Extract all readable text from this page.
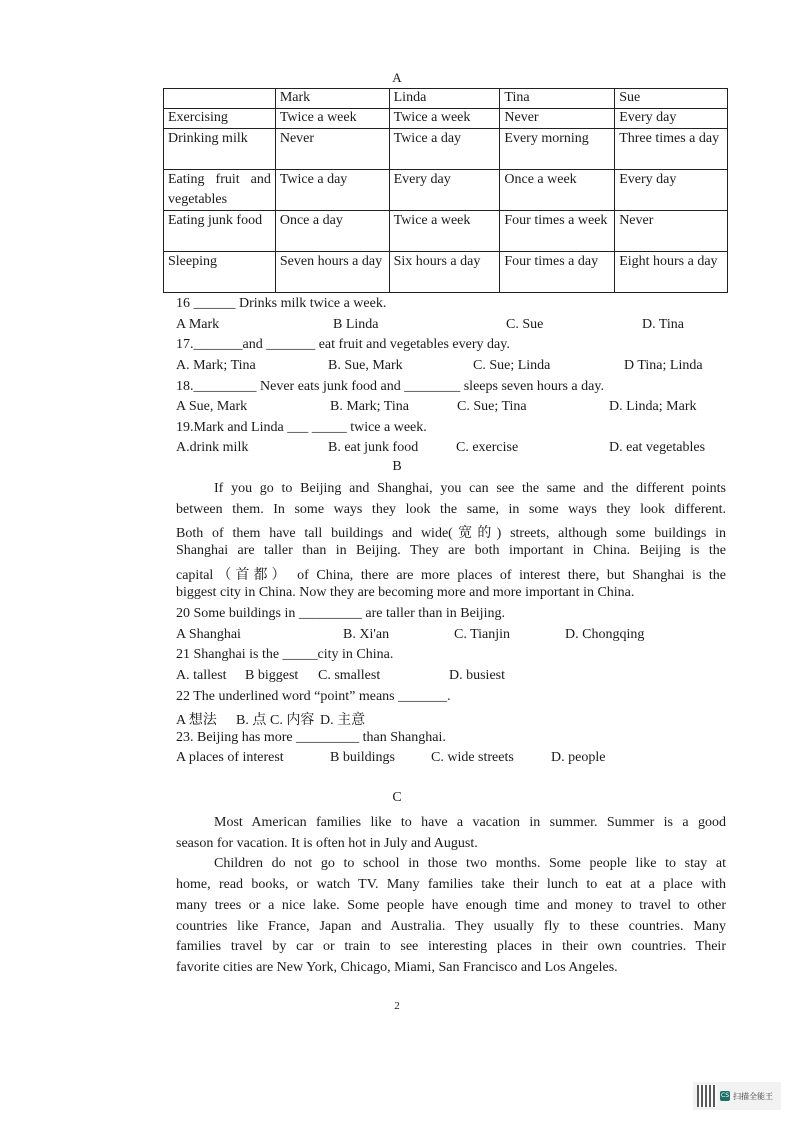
A
	Mark	Linda	Tina	Sue
Exercising	Twice a week	Twice a week	Never	Every day
Drinking milk	Never	Twice a day	Every morning	Three times a day
Eating fruit and vegetables	Twice a day	Every day	Once a week	Every day
Eating junk food	Once a day	Twice a week	Four times a week	Never
Sleeping	Seven hours a day	Six hours a day	Four times a day	Eight hours a day
16 ______ Drinks milk twice a week.
A Mark	B Linda	C. Sue	D. Tina
17._______and _______ eat fruit and vegetables every day.
A. Mark; Tina	B. Sue, Mark	C. Sue; Linda	D Tina; Linda
18._________ Never eats junk food and ________ sleeps seven hours a day.
A Sue, Mark	B. Mark; Tina	C. Sue; Tina	D. Linda; Mark
19.Mark and Linda ___ _____ twice a week.
A.drink milk	B. eat junk food	C. exercise	D. eat vegetables
B
If you go to Beijing and Shanghai, you can see the same and the different points
between them. In some ways they look the same, in some ways they look different.
Both of them have tall buildings and wide(宽的) streets, although some buildings in
Shanghai are taller than in Beijing. They are both important in China. Beijing is the
capital（首都） of China, there are more places of interest there, but Shanghai is the
biggest city in China. Now they are becoming more and more important in China.
20 Some buildings in _________ are taller than in Beijing.
A Shanghai	B. Xi'an	C. Tianjin	D. Chongqing
21 Shanghai is the _____city in China.
A. tallest B biggest C. smallest	D. busiest
22 The underlined word “point” means _______.
A 想法 B. 点 C. 内容 D. 主意
23. Beijing has more _________ than Shanghai.
A places of interest	B buildings	C. wide streets	D. people
C
Most American families like to have a vacation in summer. Summer is a good
season for vacation. It is often hot in July and August.
Children do not go to school in those two months. Some people like to stay at
home, read books, or watch TV. Many families take their lunch to eat at a place with
many trees or a nice lake. Some people have enough time and money to travel to other
countries like France, Japan and Australia. They usually fly to these countries. Many
families travel by car or train to see interesting places in their own countries. Their
favorite cities are New York, Chicago, Miami, San Francisco and Los Angeles.
2
CS 扫描全能王
